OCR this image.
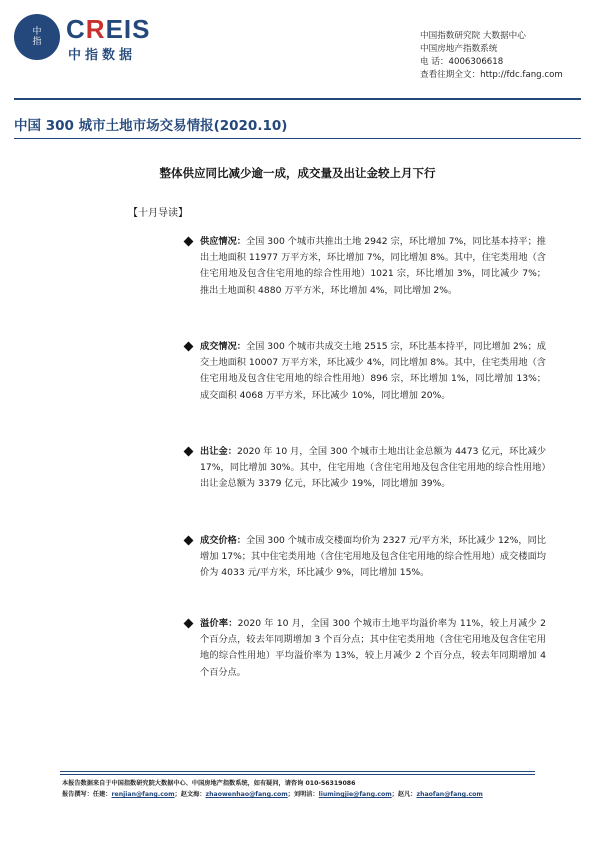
中
指 CREIS
中指数据
中国指数研究院 大数据中心
中国房地产指数系统
电 话：4006306618
查看往期全文：http://fdc.fang.com
中国 300 城市土地市场交易情报(2020.10)
整体供应同比减少逾一成，成交量及出让金较上月下行
【十月导读】
供应情况：全国 300 个城市共推出土地 2942 宗，环比增加 7%，同比基本持平；推出土地面积 11977 万平方米，环比增加 7%，同比增加 8%。其中，住宅类用地（含住宅用地及包含住宅用地的综合性用地）1021 宗，环比增加 3%，同比减少 7%；推出土地面积 4880 万平方米，环比增加 4%，同比增加 2%。
成交情况：全国 300 个城市共成交土地 2515 宗，环比基本持平，同比增加 2%；成交土地面积 10007 万平方米，环比减少 4%，同比增加 8%。其中，住宅类用地（含住宅用地及包含住宅用地的综合性用地）896 宗，环比增加 1%，同比增加 13%；成交面积 4068 万平方米，环比减少 10%，同比增加 20%。
出让金：2020 年 10 月，全国 300 个城市土地出让金总额为 4473 亿元，环比减少 17%，同比增加 30%。其中，住宅用地（含住宅用地及包含住宅用地的综合性用地）出让金总额为 3379 亿元，环比减少 19%，同比增加 39%。
成交价格：全国 300 个城市成交楼面均价为 2327 元/平方米，环比减少 12%，同比增加 17%；其中住宅类用地（含住宅用地及包含住宅用地的综合性用地）成交楼面均价为 4033 元/平方米，环比减少 9%，同比增加 15%。
溢价率：2020 年 10 月，全国 300 个城市土地平均溢价率为 11%，较上月减少 2 个百分点，较去年同期增加 3 个百分点；其中住宅类用地（含住宅用地及包含住宅用地的综合性用地）平均溢价率为 13%，较上月减少 2 个百分点，较去年同期增加 4 个百分点。
本报告数据来自于中国指数研究院大数据中心、中国房地产指数系统，如有疑问，请咨询 010-56319086
报告撰写：任建：renjian@fang.com；赵文海：zhaowenhao@fang.com；刘明洁：liumingjie@fang.com；赵凡：zhaofan@fang.com
